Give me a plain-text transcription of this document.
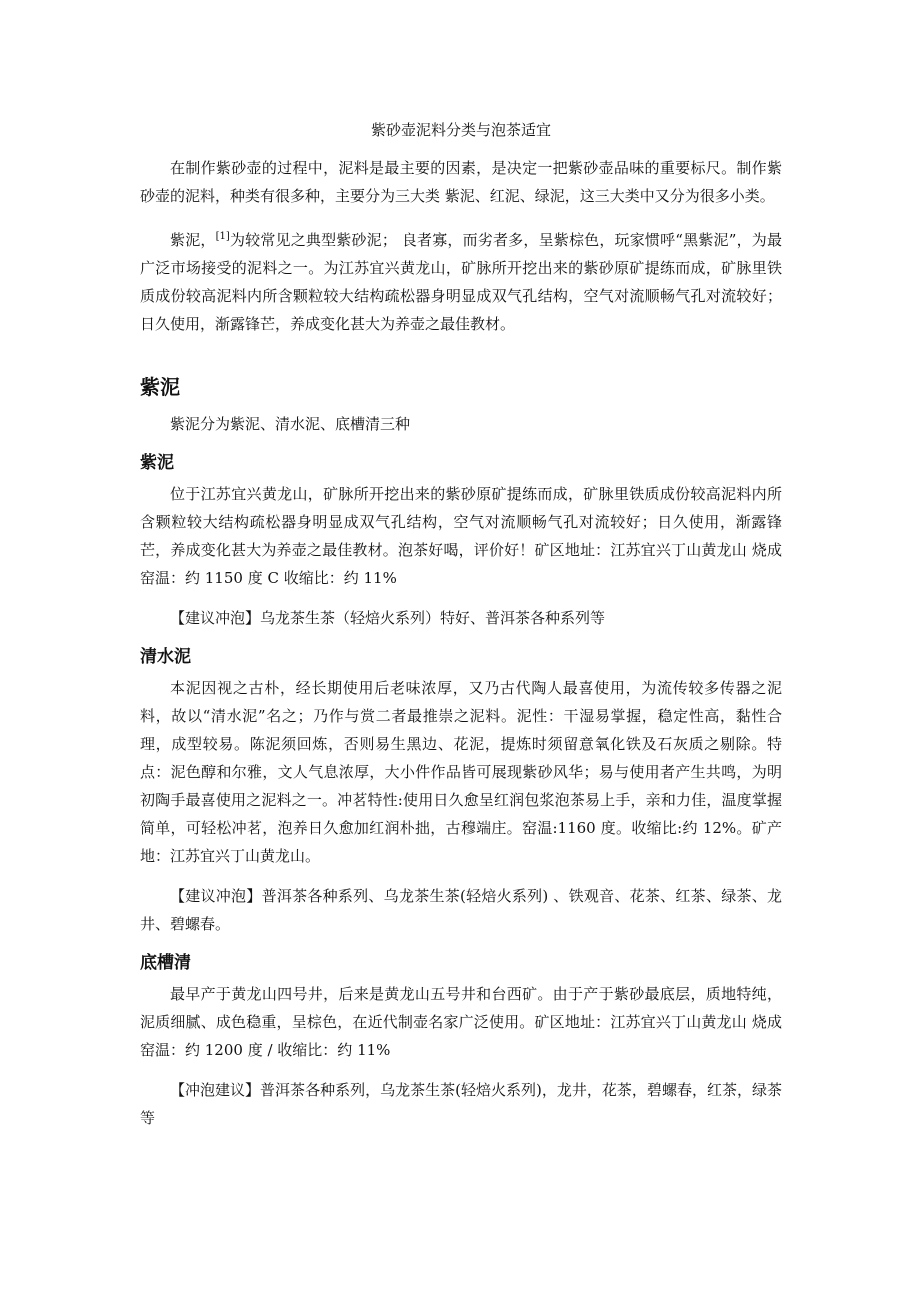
紫砂壶泥料分类与泡茶适宜

在制作紫砂壶的过程中，泥料是最主要的因素，是决定一把紫砂壶品味的重要标尺。制作紫砂壶的泥料，种类有很多种，主要分为三大类 紫泥、红泥、绿泥，这三大类中又分为很多小类。

紫泥，[1]为较常见之典型紫砂泥； 良者寡，而劣者多，呈紫棕色，玩家惯呼“黑紫泥”，为最广泛市场接受的泥料之一。为江苏宜兴黄龙山，矿脉所开挖出来的紫砂原矿提练而成，矿脉里铁质成份较高泥料内所含颗粒较大结构疏松器身明显成双气孔结构，空气对流顺畅气孔对流较好；日久使用，渐露锋芒，养成变化甚大为养壶之最佳教材。

紫泥

紫泥分为紫泥、清水泥、底槽清三种

紫泥

位于江苏宜兴黄龙山，矿脉所开挖出来的紫砂原矿提练而成，矿脉里铁质成份较高泥料内所含颗粒较大结构疏松器身明显成双气孔结构，空气对流顺畅气孔对流较好；日久使用，渐露锋芒，养成变化甚大为养壶之最佳教材。泡茶好喝，评价好！矿区地址：江苏宜兴丁山黄龙山 烧成窑温：约 1150 度 C 收缩比：约 11%

【建议冲泡】乌龙茶生茶（轻焙火系列）特好、普洱茶各种系列等

清水泥

本泥因视之古朴，经长期使用后老味浓厚，又乃古代陶人最喜使用，为流传较多传器之泥料，故以“清水泥”名之；乃作与赏二者最推崇之泥料。泥性：干湿易掌握，稳定性高，黏性合理，成型较易。陈泥须回炼，否则易生黑边、花泥，提炼时须留意氧化铁及石灰质之剔除。特点：泥色醇和尔雅，文人气息浓厚，大小件作品皆可展现紫砂风华；易与使用者产生共鸣，为明初陶手最喜使用之泥料之一。冲茗特性:使用日久愈呈红润包浆泡茶易上手，亲和力佳，温度掌握简单，可轻松冲茗，泡养日久愈加红润朴拙，古穆端庄。窑温:1160 度。收缩比:约 12%。矿产地：江苏宜兴丁山黄龙山。

【建议冲泡】普洱茶各种系列、乌龙茶生茶(轻焙火系列) 、铁观音、花茶、红茶、绿茶、龙井、碧螺春。

底槽清

最早产于黄龙山四号井，后来是黄龙山五号井和台西矿。由于产于紫砂最底层，质地特纯，泥质细腻、成色稳重，呈棕色，在近代制壶名家广泛使用。矿区地址：江苏宜兴丁山黄龙山 烧成窑温：约 1200 度 / 收缩比：约 11%

【冲泡建议】普洱茶各种系列，乌龙茶生茶(轻焙火系列)，龙井，花茶，碧螺春，红茶，绿茶等
